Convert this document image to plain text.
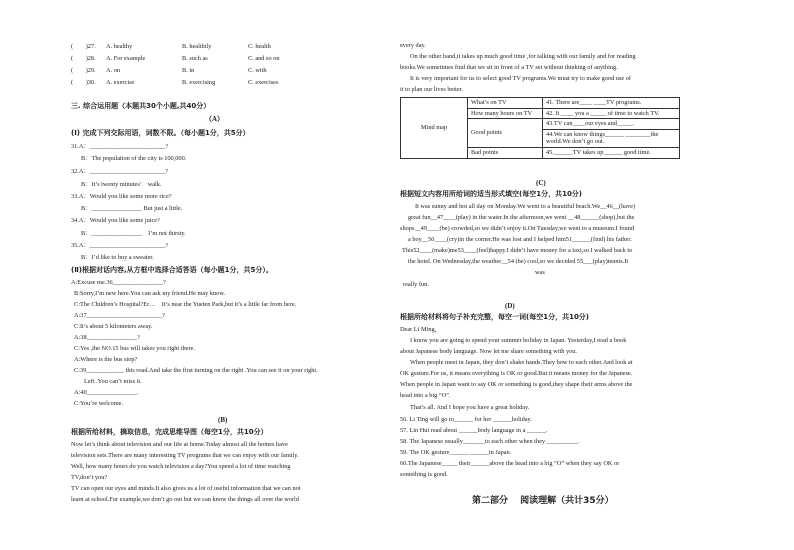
(　　)27. A. healthy	B. healthily	C. health
(　　)28. A. For example	B. such as	C. and so on
(　　)29. A. on	B. in	C. with
(　　)30. A. exercise	B. exercising	C. exercises
三. 综合运用题（本题共30个小题,共40分）
（A）
(Ⅰ) 完成下列交际用语，词数不限。（每小题1分，共5分）
31.A：________________________?
B：The population of the city is 100,000.
32.A：________________________?
B：It’s twenty minutes’　walk.
33.A：Would you like some more rice?
B：________________ But just a little.
34.A：Would you like some juice?
B：________________　I’m not thirsty.
35.A：________________________?
B：I’d like to buy a sweater.
(Ⅱ)根据对话内容,从方框中选择合适答语（每小题1分，共5分）。
A:Excuse me.36________________?
B:Sorry,I’m new here.You can ask my friend.He may know.
C:The Children’s Hospital?Er…　It’s near the Yueten Park,but it’s a little far from here.
A:37________________________?
C:It’s about 5 kilometers away.
A:38________________?
C:Yes ,the NO.15 bus will takes you right there.
A:Where is the bus stop?
C:39____________ this road.And take the first turning on the right .You can see it on your right.
Left .You can’t miss it.
A:40________________.
C:You’re welcome.
(B)
根据所给材料，摘取信息，完成思维导图（每空1分，共10分）
Now let’s think about television and our life at home.Today almost all the homes have
television sets.There are many interesting TV programs that we can enjoy with our family.
Well, how many hours do you watch television a day?You spend a lot of time watching
TV,don’t you?
TV can open our eyes and minds.It also gives us a lot of useful information that we can not
learn at school.For example,we don’t go out but we can know the things all over the world
every day.
On the other hand,it takes up much good time ,for talking with our family and for reading
books.We sometimes find that we sit in front of a TV set without thinking of anything.
It is very important for us to select good TV programs.We must try to make good use of
it to plan our lives better.
Mind map	What’s on TV	41. There are____ ____TV programs.
	How many hours on TV	42. It ____ you a _____ of time to watch TV.
	Good points	43.TV can____our eyes and_____.
		44.We can know things______ ________the world.We don’t go out.
	Bad points	45.______TV takes up______ good time.
(C)
根据短文内容用所给词的适当形式填空(每空1分，共10分)
It was sunny and hot all day on Monday.We went to a beautiful beach.We__46__(have)
great fun__47____(play) in the water.In the afternoon,we went __48______(shop),but the
shops__49____(be) crowded,so we didn’t enjoy it.On Tuesday,we went to a museum.I found
a boy__50____(cry)in the corner.He was lost and I helped him51______(find) his father.
This52____(make)me53____(feel)happy.I didn’t have money for a taxi,so I walked back to
the hotel. On Wednesday,the weather__54 (be) cool,so we decided 55___(play)tennis.It
was
really fun.
(D)
根据所给材料将句子补充完整，每空一词(每空1分，共10分)
Dear Li Ming,
I know you are going to spend your summer holiday in Japan. Yesterday,I read a book
about Japanese body language. Now let me share something with you.
When people meet in Japan, they don’t shake hands.They bow to each other.And look at
OK gesture.For us, it means everything is OK or good.But it means money for the Japanese.
When people in Japan want to say OK or something is good,they shape their arms above the
head into a big “O”.
That’s all. And I hope you have a great holiday.
56. Li Ting will go to______ for her ______holiday.
57. Lin Hui read about ______body language in a ______.
58. The Japanese usually_______to each other when they __________.
59. The OK gesture______ ______in Japan.
60.The Japanese_____ their______above the head into a big “O” when they say OK or
something is good.
第二部分　 阅读理解（共计35分）
